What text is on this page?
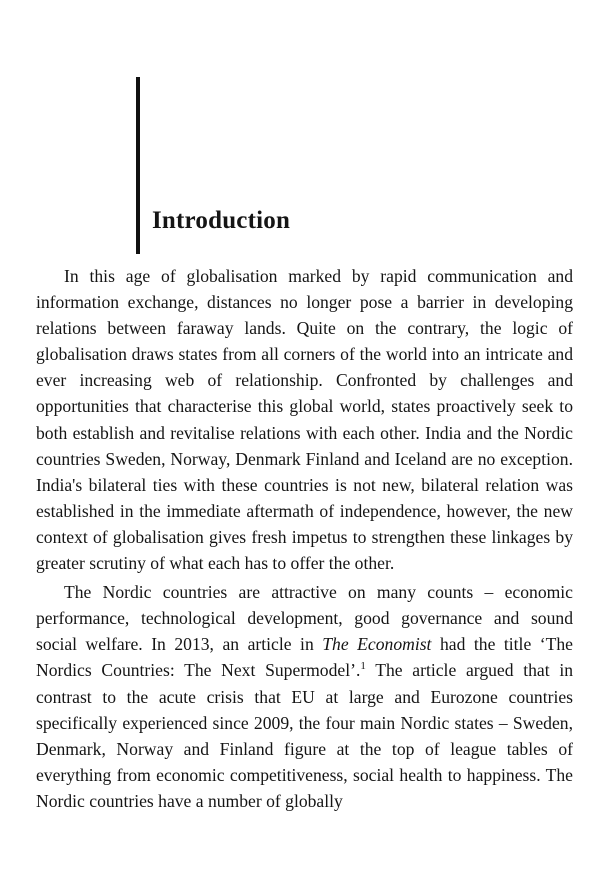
Introduction

In this age of globalisation marked by rapid communication and information exchange, distances no longer pose a barrier in developing relations between faraway lands. Quite on the contrary, the logic of globalisation draws states from all corners of the world into an intricate and ever increasing web of relationship. Confronted by challenges and opportunities that characterise this global world, states proactively seek to both establish and revitalise relations with each other. India and the Nordic countries Sweden, Norway, Denmark Finland and Iceland are no exception. India's bilateral ties with these countries is not new, bilateral relation was established in the immediate aftermath of independence, however, the new context of globalisation gives fresh impetus to strengthen these linkages by greater scrutiny of what each has to offer the other.

The Nordic countries are attractive on many counts – economic performance, technological development, good governance and sound social welfare. In 2013, an article in The Economist had the title ‘The Nordics Countries: The Next Supermodel’.$^1$ The article argued that in contrast to the acute crisis that EU at large and Eurozone countries specifically experienced since 2009, the four main Nordic states – Sweden, Denmark, Norway and Finland figure at the top of league tables of everything from economic competitiveness, social health to happiness. The Nordic countries have a number of globally
